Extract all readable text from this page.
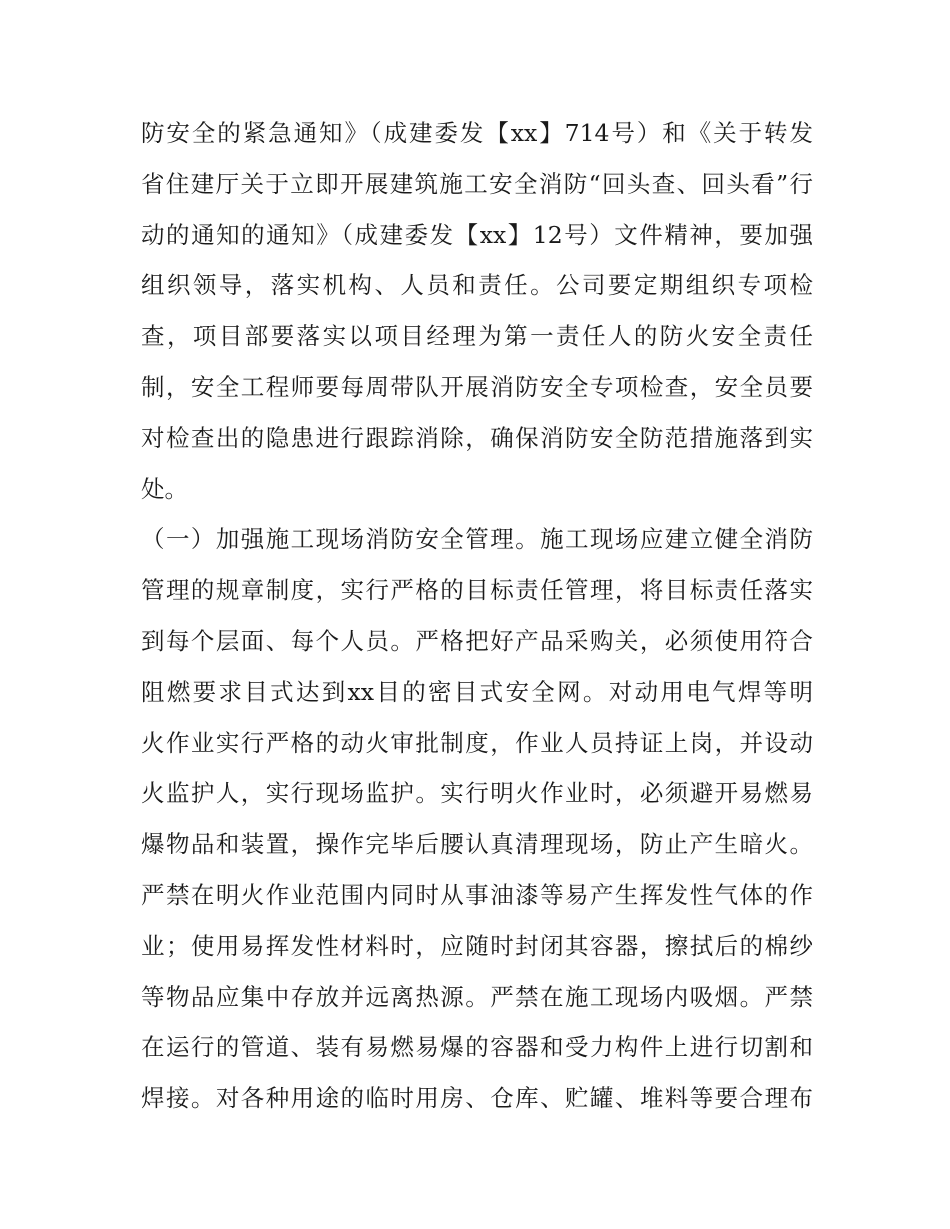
防安全的紧急通知》（成建委发【xx】714号）和《关于转发
省住建厅关于立即开展建筑施工安全消防“回头查、回头看”行
动的通知的通知》（成建委发【xx】12号）文件精神，要加强
组织领导，落实机构、人员和责任。公司要定期组织专项检
查，项目部要落实以项目经理为第一责任人的防火安全责任
制，安全工程师要每周带队开展消防安全专项检查，安全员要
对检查出的隐患进行跟踪消除，确保消防安全防范措施落到实
处。
（一）加强施工现场消防安全管理。施工现场应建立健全消防
管理的规章制度，实行严格的目标责任管理，将目标责任落实
到每个层面、每个人员。严格把好产品采购关，必须使用符合
阻燃要求目式达到xx目的密目式安全网。对动用电气焊等明
火作业实行严格的动火审批制度，作业人员持证上岗，并设动
火监护人，实行现场监护。实行明火作业时，必须避开易燃易
爆物品和装置，操作完毕后腰认真清理现场，防止产生暗火。
严禁在明火作业范围内同时从事油漆等易产生挥发性气体的作
业；使用易挥发性材料时，应随时封闭其容器，擦拭后的棉纱
等物品应集中存放并远离热源。严禁在施工现场内吸烟。严禁
在运行的管道、装有易燃易爆的容器和受力构件上进行切割和
焊接。对各种用途的临时用房、仓库、贮罐、堆料等要合理布
